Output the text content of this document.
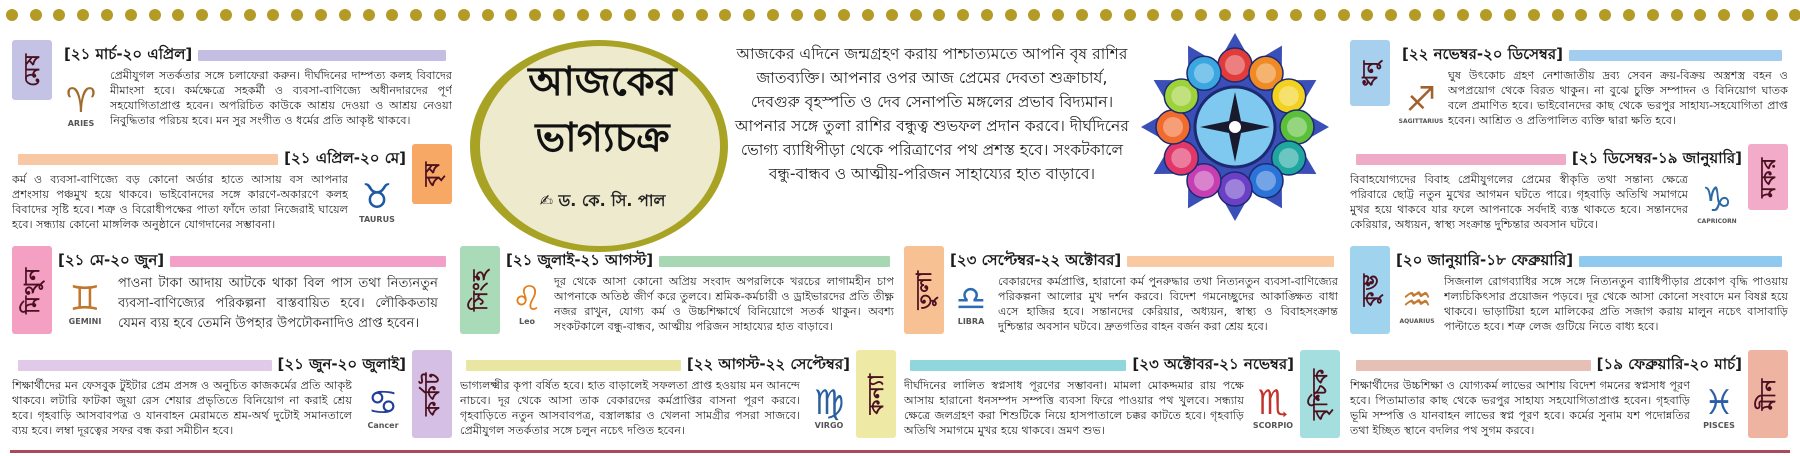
আজকের ভাগ্যচক্র
✍ ড. কে. সি. পাল
আজকের এদিনে জন্মগ্রহণ করায় পাশ্চাত্যমতে আপনি বৃষ রাশির জাতব্যক্তি। আপনার ওপর আজ প্রেমের দেবতা শুক্রাচার্য, দেবগুরু বৃহস্পতি ও দেব সেনাপতি মঙ্গলের প্রভাব বিদ্যমান। আপনার সঙ্গে তুলা রাশির বন্ধুত্ব শুভফল প্রদান করবে। দীর্ঘদিনের ভোগ্য ব্যাধিপীড়া থেকে পরিত্রাণের পথ প্রশস্ত হবে। সংকটকালে বন্ধু-বান্ধব ও আত্মীয়-পরিজন সাহায্যের হাত বাড়াবে।
মেষ	[২১ মার্চ-২০ এপ্রিল]
♈
ARIES
প্রেমীযুগল সতর্কতার সঙ্গে চলাফেরা করুন। দীর্ঘদিনের দাম্পত্য কলহ বিবাদের মীমাংসা হবে। কর্মক্ষেত্রে সহকর্মী ও ব্যবসা-বাণিজ্যে অধীনদারদের পূর্ণ সহযোগিতাপ্রাপ্ত হবেন। অপরিচিত কাউকে আশ্রয় দেওয়া ও আশ্রয় নেওয়া নিবুদ্ধিতার পরিচয় হবে। মন সুর সংগীত ও ধর্মের প্রতি আকৃষ্ট থাকবে।
বৃষ
[২১ এপ্রিল-২০ মে]
♉
TAURUS
কর্ম ও ব্যবসা-বাণিজ্যে বড় কোনো অর্ডার হাতে আসায় বস আপনার প্রশংসায় পঞ্চমুখ হয়ে থাকবে। ভাইবোনদের সঙ্গে কারণে-অকারণে কলহ বিবাদের সৃষ্টি হবে। শত্রু ও বিরোধীপক্ষের পাতা ফাঁদে তারা নিজেরাই ঘায়েল হবে। সন্ধ্যায় কোনো মাঙ্গলিক অনুষ্ঠানে যোগদানের সম্ভাবনা।
মিথুন
[২১ মে-২০ জুন]
♊
GEMINI
পাওনা টাকা আদায় আটকে থাকা বিল পাস তথা নিত্যনতুন ব্যবসা-বাণিজ্যের পরিকল্পনা বাস্তবায়িত হবে। লৌকিকতায় যেমন ব্যয় হবে তেমনি উপহার উপঢৌকনাদিও প্রাপ্ত হবেন।
কর্কট
[২১ জুন-২০ জুলাই]
♋
Cancer
শিক্ষার্থীদের মন ফেসবুক টুইটার প্রেম প্রসঙ্গ ও অনুচিত কাজকর্মের প্রতি আকৃষ্ট থাকবে। লটারি ফাটকা জুয়া রেস শেয়ার প্রভৃতিতে বিনিয়োগ না করাই শ্রেয় হবে। গৃহবাড়ি আসবাবপত্র ও যানবাহন মেরামতে শ্রম-অর্থ দুটোই সমানতালে ব্যয় হবে। লম্বা দূরত্বের সফর বন্ধ করা সমীচীন হবে।
সিংহ
[২১ জুলাই-২১ আগস্ট]
♌
Leo
দূর থেকে আসা কোনো অপ্রিয় সংবাদ অপরলিকে খরচের লাগামহীন চাপ আপনাকে অতিষ্ঠ জীর্ণ করে তুলবে। শ্রমিক-কর্মচারী ও ড্রাইভারদের প্রতি তীক্ষ্ণ নজর রাখুন, যোগ্য কর্ম ও উচ্চশিক্ষার্থে বিনিয়োগে সতর্ক থাকুন। অবশ্য সংকটকালে বন্ধু-বান্ধব, আত্মীয় পরিজন সাহায্যের হাত বাড়াবে।
কন্যা
[২২ আগস্ট-২২ সেপ্টেম্বর]
♍
VIRGO
ভাগ্যলক্ষ্মীর কৃপা বর্ষিত হবে। হাত বাড়ালেই সফলতা প্রাপ্ত হওয়ায় মন আনন্দে নাচবে। দূর থেকে আসা তাক বেকারদের কর্মপ্রাপ্তির বাসনা পূরণ করবে। গৃহবাড়িতে নতুন আসবাবপত্র, বস্ত্রালঙ্কার ও খেলনা সামগ্রীর পসরা সাজবে। প্রেমীযুগল সতর্কতার সঙ্গে চলুন নচেৎ দণ্ডিত হবেন।
তুলা
[২৩ সেপ্টেম্বর-২২ অক্টোবর]
♎
LIBRA
বেকারদের কর্মপ্রাপ্তি, হারানো কর্ম পুনরুদ্ধার তথা নিত্যনতুন ব্যবসা-বাণিজ্যের পরিকল্পনা আলোর মুখ দর্শন করবে। বিদেশ গমনেচ্ছুদের আকাঙ্ক্ষিত বাধা এসে হাজির হবে। সন্তানদের কেরিয়ার, অধ্যয়ন, স্বাস্থ্য ও বিবাহসংক্রান্ত দুশ্চিন্তার অবসান ঘটবে। দ্রুতগতির বাহন বর্জন করা শ্রেয় হবে।
বৃশ্চিক
[২৩ অক্টোবর-২১ নভেম্বর]
♏
SCORPIO
দীর্ঘদিনের লালিত স্বপ্নসাধ পূরণের সম্ভাবনা। মামলা মোকদ্দমার রায় পক্ষে আসায় হারানো ধনসম্পদ সম্পত্তি ব্যবসা ফিরে পাওয়ার পথ খুলবে। সন্ধ্যায় ক্ষেত্রে জলগ্রহণ করা শিশুটিকে নিয়ে হাসপাতালে চক্কর কাটতে হবে। গৃহবাড়ি অতিথি সমাগমে মুখর হয়ে থাকবে। ভ্রমণ শুভ।
ধনু
[২২ নভেম্বর-২০ ডিসেম্বর]
♐
SAGITTARIUS
ঘুষ উৎকোচ গ্রহণ নেশাজাতীয় দ্রব্য সেবন ক্রয়-বিক্রয় অস্ত্রশস্ত্র বহন ও অপপ্রয়োগ থেকে বিরত থাকুন। না বুঝে চুক্তি সম্পাদন ও বিনিয়োগ ঘাতক বলে প্রমাণিত হবে। ভাইবোনদের কাছ থেকে ভরপুর সাহায্য-সহযোগিতা প্রাপ্ত হবেন। আশ্রিত ও প্রতিপালিত ব্যক্তি দ্বারা ক্ষতি হবে।
মকর
[২১ ডিসেম্বর-১৯ জানুয়ারি]
♑
CAPRICORN
বিবাহযোগ্যদের বিবাহ প্রেমীযুগলের প্রেমের স্বীকৃতি তথা সন্তান্য ক্ষেত্রে পরিবারে ছোট্ট নতুন মুখের আগমন ঘটতে পারে। গৃহবাড়ি অতিথি সমাগমে মুখর হয়ে থাকবে যার ফলে আপনাকে সর্বদাই ব্যস্ত থাকতে হবে। সন্তানদের কেরিয়ার, অধ্যয়ন, স্বাস্থ্য সংক্রান্ত দুশ্চিন্তার অবসান ঘটবে।
কুম্ভ
[২০ জানুয়ারি-১৮ ফেব্রুয়ারি]
♒
AQUARIUS
সিজনাল রোগব্যাধির সঙ্গে সঙ্গে নিত্যনতুন ব্যাধিপীড়ার প্রকোপ বৃদ্ধি পাওয়ায় শল্যচিকিৎসার প্রয়োজন পড়বে। দূর থেকে আসা কোনো সংবাদে মন বিষণ্ণ হয়ে থাকবে। ভাড়াটিয়া হলে মালিকের প্রতি সজাগ করায় মালুন নচেৎ বাসাবাড়ি পাল্টাতে হবে। শত্রু লেজ গুটিয়ে নিতে বাধ্য হবে।
মীন
[১৯ ফেব্রুয়ারি-২০ মার্চ]
♓
PISCES
শিক্ষার্থীদের উচ্চশিক্ষা ও যোগ্যকর্ম লাভের আশায় বিদেশ গমনের স্বপ্নসাধ পূরণ হবে। পিতামাতার কাছ থেকে ভরপুর সাহায্য সহযোগিতাপ্রাপ্ত হবেন। গৃহবাড়ি ভূমি সম্পত্তি ও যানবাহন লাভের স্বপ্ন পূরণ হবে। কর্মের সুনাম যশ পদোন্নতির তথা ইচ্ছিত স্থানে বদলির পথ সুগম করবে।
